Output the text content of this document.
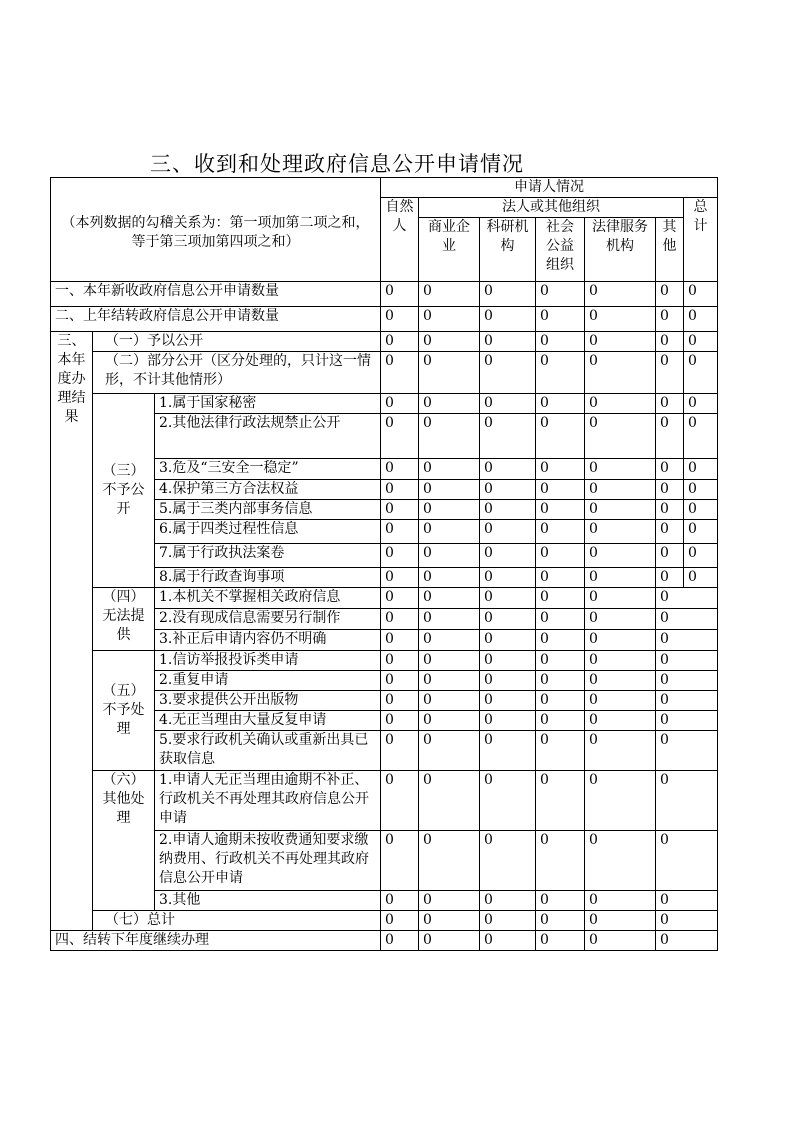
三、收到和处理政府信息公开申请情况
（本列数据的勾稽关系为：第一项加第二项之和，等于第三项加第四项之和）			申请人情况						
			自然人	法人或其他组织					总计
				商业企业	科研机构	社会公益组织	法律服务机构	其他	
一、本年新收政府信息公开申请数量			0	0	0	0	0	0	0
二、上年结转政府信息公开申请数量			0	0	0	0	0	0	0
三、本年度办理结果	（一）予以公开		0	0	0	0	0	0	0
	（二）部分公开（区分处理的，只计这一情形，不计其他情形）		0	0	0	0	0	0	0
	（三）不予公开	1.属于国家秘密	0	0	0	0	0	0	0
		2.其他法律行政法规禁止公开	0	0	0	0	0	0	0
		3.危及“三安全一稳定”	0	0	0	0	0	0	0
		4.保护第三方合法权益	0	0	0	0	0	0	0
		5.属于三类内部事务信息	0	0	0	0	0	0	0
		6.属于四类过程性信息	0	0	0	0	0	0	0
		7.属于行政执法案卷	0	0	0	0	0	0	0
		8.属于行政查询事项	0	0	0	0	0	0	0
	（四）无法提供	1.本机关不掌握相关政府信息	0	0	0	0	0	0	
		2.没有现成信息需要另行制作	0	0	0	0	0	0	
		3.补正后申请内容仍不明确	0	0	0	0	0	0	
	（五）不予处理	1.信访举报投诉类申请	0	0	0	0	0	0	
		2.重复申请	0	0	0	0	0	0	
		3.要求提供公开出版物	0	0	0	0	0	0	
		4.无正当理由大量反复申请	0	0	0	0	0	0	
		5.要求行政机关确认或重新出具已获取信息	0	0	0	0	0	0	
	（六）其他处理	1.申请人无正当理由逾期不补正、行政机关不再处理其政府信息公开申请	0	0	0	0	0	0	
		2.申请人逾期未按收费通知要求缴纳费用、行政机关不再处理其政府信息公开申请	0	0	0	0	0	0	
		3.其他	0	0	0	0	0	0	
	（七）总计		0	0	0	0	0	0	
四、结转下年度继续办理			0	0	0	0	0	0	
